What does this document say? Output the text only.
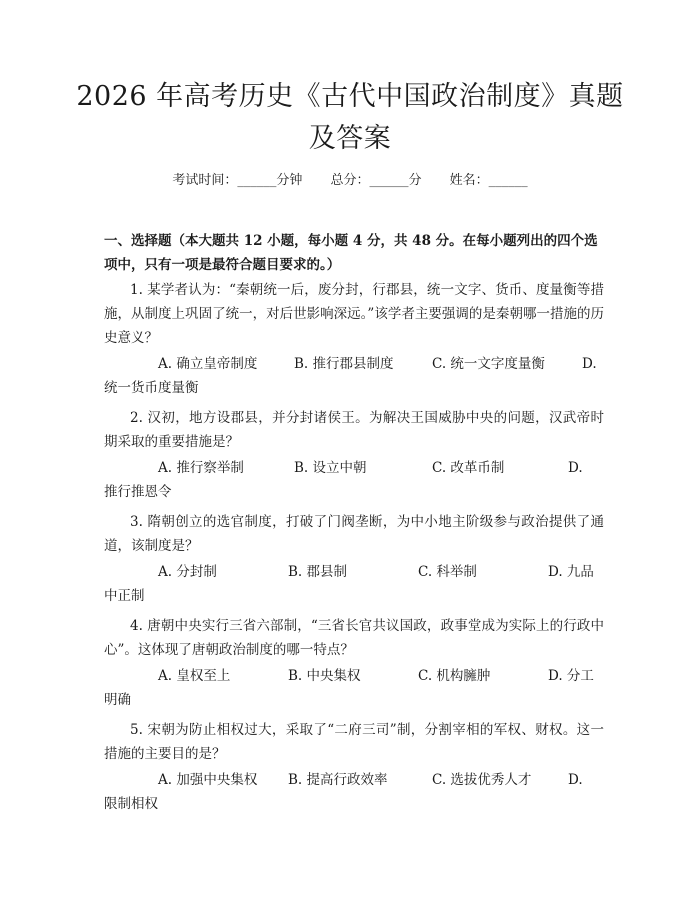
2026 年高考历史《古代中国政治制度》真题及答案
考试时间：______分钟 总分：______分 姓名：______
一、选择题（本大题共 12 小题，每小题 4 分，共 48 分。在每小题列出的四个选项中，只有一项是最符合题目要求的。）
1. 某学者认为：“秦朝统一后，废分封，行郡县，统一文字、货币、度量衡等措施，从制度上巩固了统一，对后世影响深远。”该学者主要强调的是秦朝哪一措施的历史意义？
A. 确立皇帝制度	B. 推行郡县制度	C. 统一文字度量衡	D.
统一货币度量衡
2. 汉初，地方设郡县，并分封诸侯王。为解决王国威胁中央的问题，汉武帝时期采取的重要措施是？
A. 推行察举制	B. 设立中朝	C. 改革币制	D.
推行推恩令
3. 隋朝创立的选官制度，打破了门阀垄断，为中小地主阶级参与政治提供了通道，该制度是？
A. 分封制	B. 郡县制	C. 科举制	D. 九品
中正制
4. 唐朝中央实行三省六部制，“三省长官共议国政，政事堂成为实际上的行政中心”。这体现了唐朝政治制度的哪一特点？
A. 皇权至上	B. 中央集权	C. 机构臃肿	D. 分工
明确
5. 宋朝为防止相权过大，采取了“二府三司”制，分割宰相的军权、财权。这一措施的主要目的是？
A. 加强中央集权 B. 提高行政效率	C. 选拔优秀人才	D.
限制相权
